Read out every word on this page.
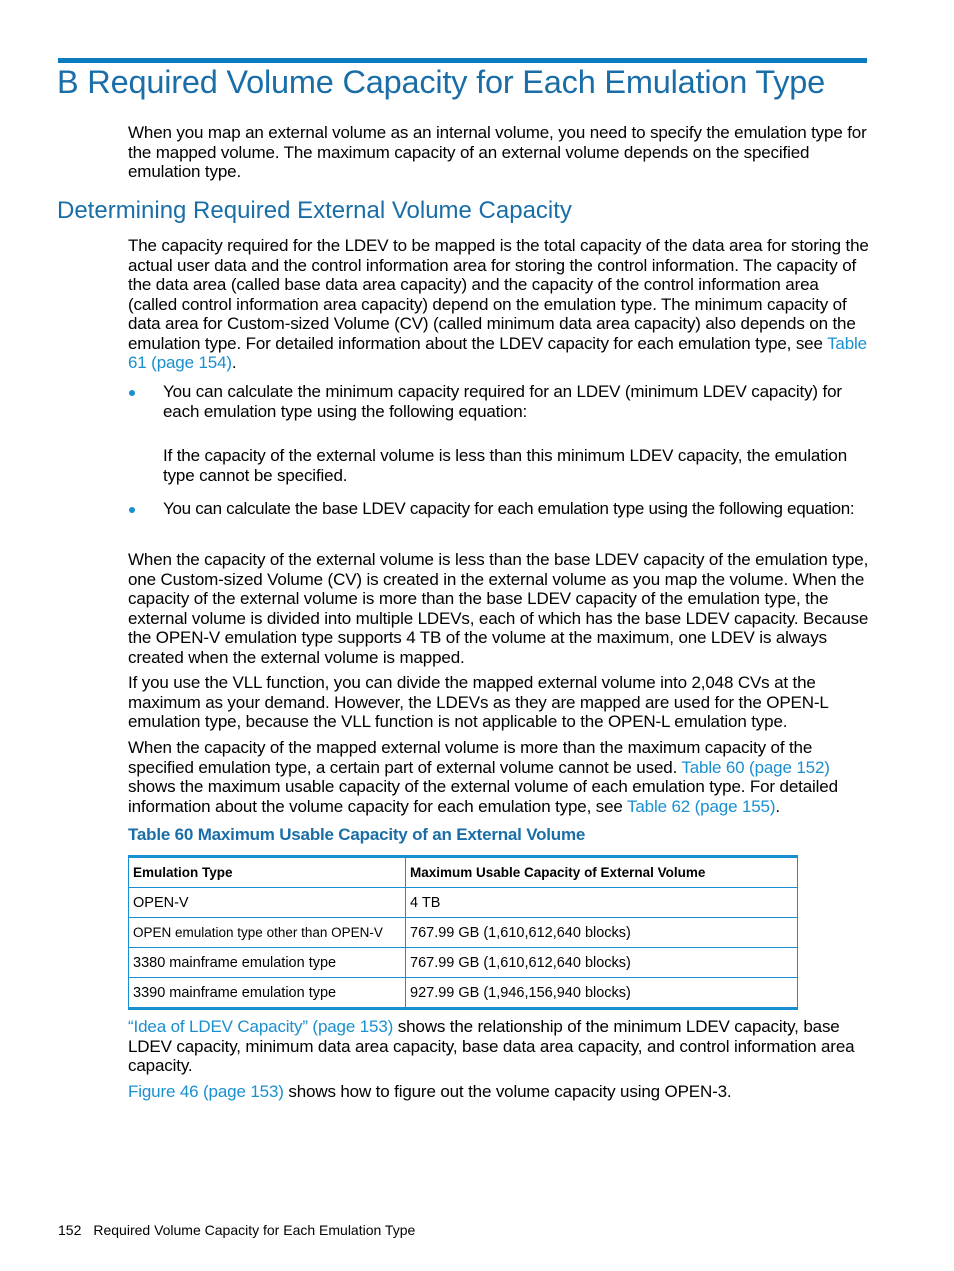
B Required Volume Capacity for Each Emulation Type

When you map an external volume as an internal volume, you need to specify the emulation type for the mapped volume. The maximum capacity of an external volume depends on the specified emulation type.

Determining Required External Volume Capacity

The capacity required for the LDEV to be mapped is the total capacity of the data area for storing the actual user data and the control information area for storing the control information. The capacity of the data area (called base data area capacity) and the capacity of the control information area (called control information area capacity) depend on the emulation type. The minimum capacity of data area for Custom-sized Volume (CV) (called minimum data area capacity) also depends on the emulation type. For detailed information about the LDEV capacity for each emulation type, see Table 61 (page 154).

You can calculate the minimum capacity required for an LDEV (minimum LDEV capacity) for each emulation type using the following equation:

If the capacity of the external volume is less than this minimum LDEV capacity, the emulation type cannot be specified.

You can calculate the base LDEV capacity for each emulation type using the following equation:

When the capacity of the external volume is less than the base LDEV capacity of the emulation type, one Custom-sized Volume (CV) is created in the external volume as you map the volume. When the capacity of the external volume is more than the base LDEV capacity of the emulation type, the external volume is divided into multiple LDEVs, each of which has the base LDEV capacity. Because the OPEN-V emulation type supports 4 TB of the volume at the maximum, one LDEV is always created when the external volume is mapped.

If you use the VLL function, you can divide the mapped external volume into 2,048 CVs at the maximum as your demand. However, the LDEVs as they are mapped are used for the OPEN-L emulation type, because the VLL function is not applicable to the OPEN-L emulation type.

When the capacity of the mapped external volume is more than the maximum capacity of the specified emulation type, a certain part of external volume cannot be used. Table 60 (page 152) shows the maximum usable capacity of the external volume of each emulation type. For detailed information about the volume capacity for each emulation type, see Table 62 (page 155).

Table 60 Maximum Usable Capacity of an External Volume

Emulation Type	Maximum Usable Capacity of External Volume
OPEN-V	4 TB
OPEN emulation type other than OPEN-V	767.99 GB (1,610,612,640 blocks)
3380 mainframe emulation type	767.99 GB (1,610,612,640 blocks)
3390 mainframe emulation type	927.99 GB (1,946,156,940 blocks)

“Idea of LDEV Capacity” (page 153) shows the relationship of the minimum LDEV capacity, base LDEV capacity, minimum data area capacity, base data area capacity, and control information area capacity.

Figure 46 (page 153) shows how to figure out the volume capacity using OPEN-3.

152 Required Volume Capacity for Each Emulation Type
